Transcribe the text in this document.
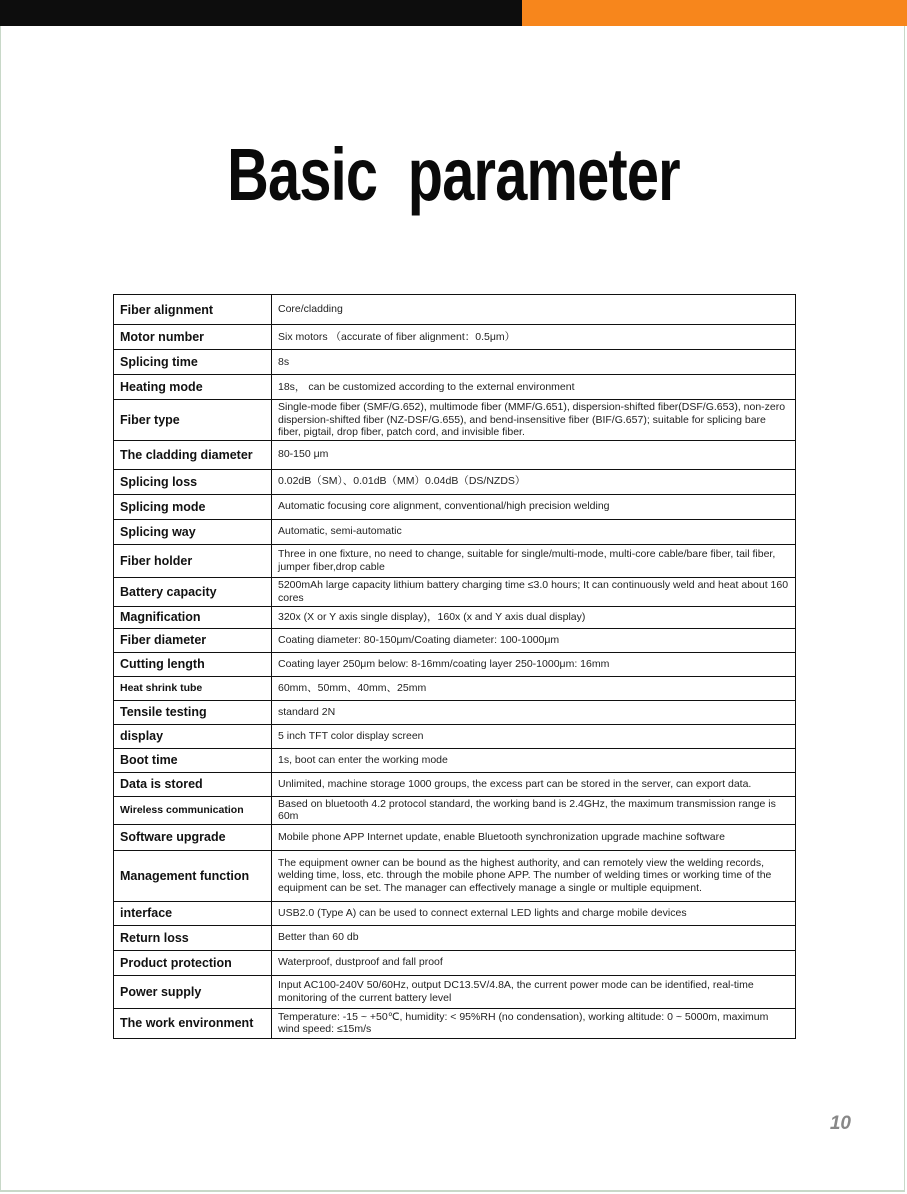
Basic  parameter
Fiber alignment	Core/cladding
Motor number	Six motors （accurate of fiber alignment：0.5μm）
Splicing time	8s
Heating mode	18s， can be customized according to the external environment
Fiber type	Single-mode fiber (SMF/G.652), multimode fiber (MMF/G.651), dispersion-shifted fiber(DSF/G.653), non-zero dispersion-shifted fiber (NZ-DSF/G.655), and bend-insensitive fiber (BIF/G.657); suitable for splicing bare fiber, pigtail, drop fiber, patch cord, and invisible fiber.
The cladding diameter	80-150 μm
Splicing loss	0.02dB（SM）、0.01dB（MM）0.04dB（DS/NZDS）
Splicing mode	Automatic focusing core alignment, conventional/high precision welding
Splicing way	Automatic, semi-automatic
Fiber holder	Three in one fixture, no need to change, suitable for single/multi-mode, multi-core cable/bare fiber, tail fiber, jumper fiber,drop cable
Battery capacity	5200mAh large capacity lithium battery charging time ≤3.0 hours; It can continuously weld and heat about 160 cores
Magnification	320x (X or Y axis single display)，160x (x and Y axis dual display)
Fiber diameter	Coating diameter: 80-150μm/Coating diameter: 100-1000μm
Cutting length	Coating layer 250μm below: 8-16mm/coating layer 250-1000μm: 16mm
Heat shrink tube	60mm、50mm、40mm、25mm
Tensile testing	standard 2N
display	5 inch TFT color display screen
Boot time	1s, boot can enter the working mode
Data is stored	Unlimited, machine storage 1000 groups, the excess part can be stored in the server, can export data.
Wireless communication	Based on bluetooth 4.2 protocol standard, the working band is 2.4GHz, the maximum transmission range is 60m
Software upgrade	Mobile phone APP Internet update, enable Bluetooth synchronization upgrade machine software
Management function	The equipment owner can be bound as the highest authority, and can remotely view the welding records, welding time, loss, etc. through the mobile phone APP. The number of welding times or working time of the equipment can be set. The manager can effectively manage a single or multiple equipment.
interface	USB2.0 (Type A) can be used to connect external LED lights and charge mobile devices
Return loss	Better than 60 db
Product protection	Waterproof, dustproof and fall proof
Power supply	Input AC100-240V 50/60Hz, output DC13.5V/4.8A, the current power mode can be identified, real-time monitoring of the current battery level
The work environment	Temperature: -15 ~ +50℃, humidity: < 95%RH (no condensation), working altitude: 0 ~ 5000m, maximum wind speed: ≤15m/s
10
